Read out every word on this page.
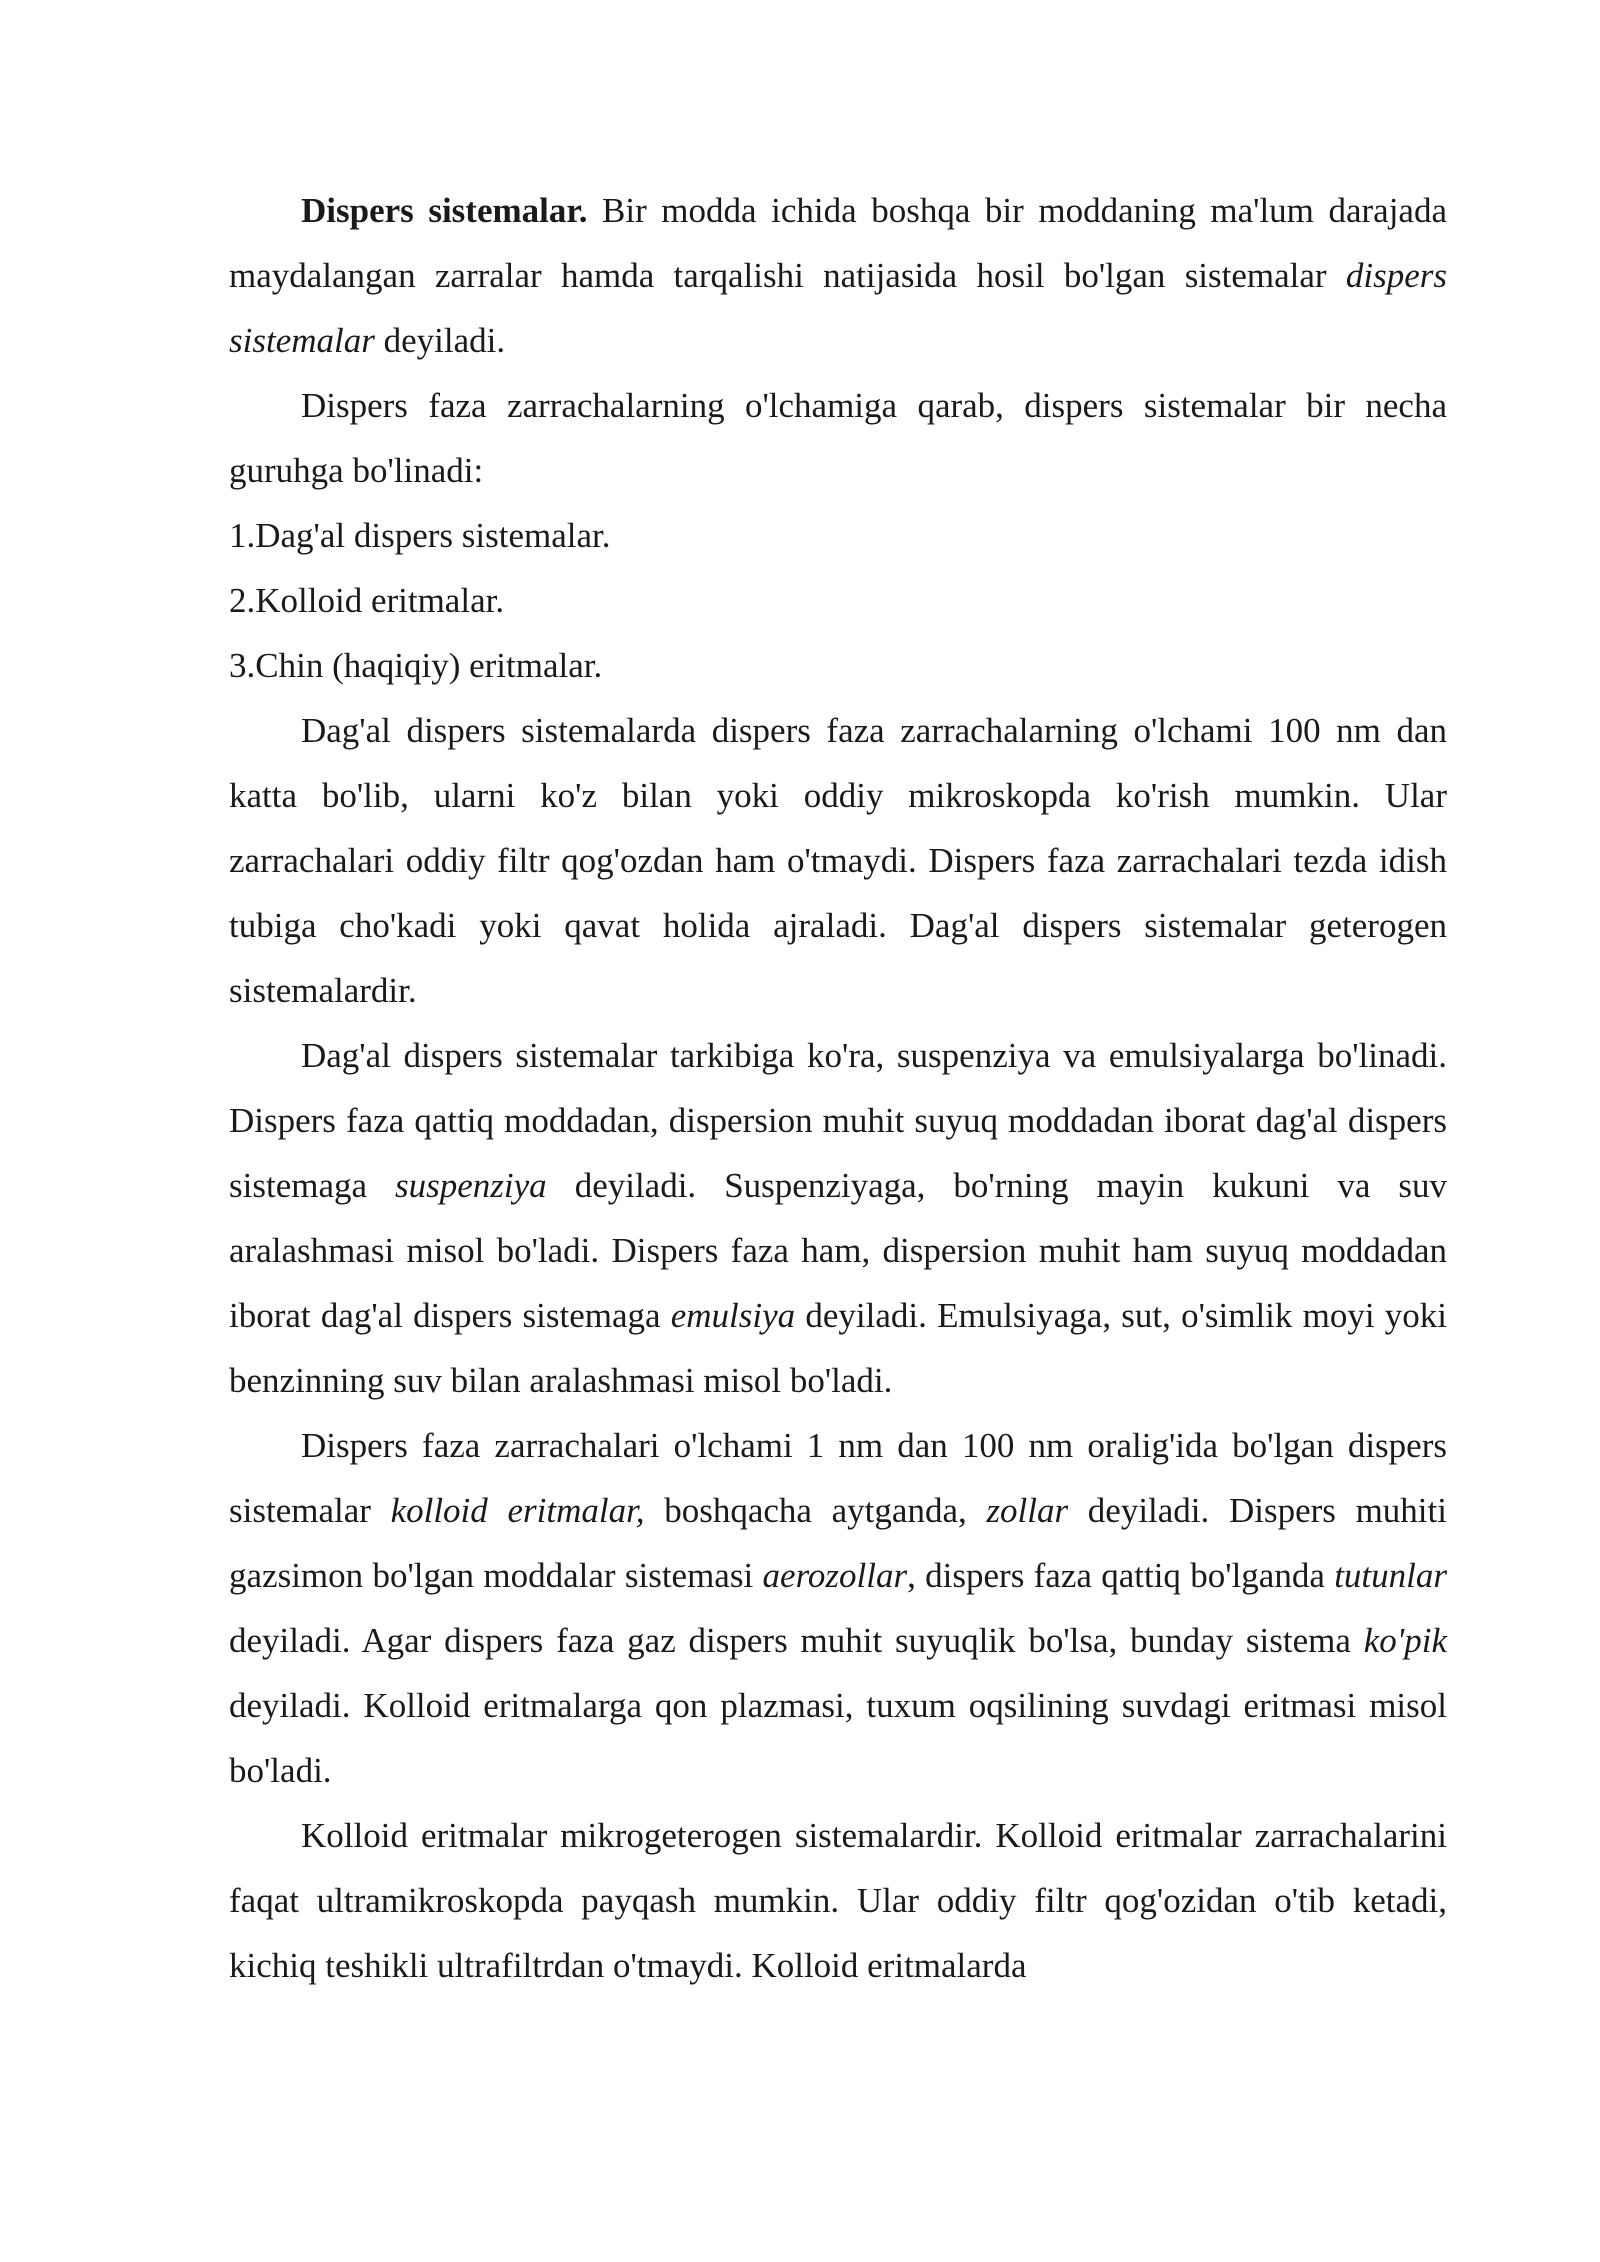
Dispers sistemalar. Bir modda ichida boshqa bir moddaning ma'lum darajada maydalangan zarralar hamda tarqalishi natijasida hosil bo'lgan sistemalar dispers sistemalar deyiladi.

Dispers faza zarrachalarning o'lchamiga qarab, dispers sistemalar bir necha guruhga bo'linadi:

1.Dag'al dispers sistemalar.

2.Kolloid eritmalar.

3.Chin (haqiqiy) eritmalar.

Dag'al dispers sistemalarda dispers faza zarrachalarning o'lchami 100 nm dan katta bo'lib, ularni ko'z bilan yoki oddiy mikroskopda ko'rish mumkin. Ular zarrachalari oddiy filtr qog'ozdan ham o'tmaydi. Dispers faza zarrachalari tezda idish tubiga cho'kadi yoki qavat holida ajraladi. Dag'al dispers sistemalar geterogen sistemalardir.

Dag'al dispers sistemalar tarkibiga ko'ra, suspenziya va emulsiyalarga bo'linadi. Dispers faza qattiq moddadan, dispersion muhit suyuq moddadan iborat dag'al dispers sistemaga suspenziya deyiladi. Suspenziyaga, bo'rning mayin kukuni va suv aralashmasi misol bo'ladi. Dispers faza ham, dispersion muhit ham suyuq moddadan iborat dag'al dispers sistemaga emulsiya deyiladi. Emulsiyaga, sut, o'simlik moyi yoki benzinning suv bilan aralashmasi misol bo'ladi.

Dispers faza zarrachalari o'lchami 1 nm dan 100 nm oralig'ida bo'lgan dispers sistemalar kolloid eritmalar, boshqacha aytganda, zollar deyiladi. Dispers muhiti gazsimon bo'lgan moddalar sistemasi aerozollar, dispers faza qattiq bo'lganda tutunlar deyiladi. Agar dispers faza gaz dispers muhit suyuqlik bo'lsa, bunday sistema ko'pik deyiladi. Kolloid eritmalarga qon plazmasi, tuxum oqsilining suvdagi eritmasi misol bo'ladi.

Kolloid eritmalar mikrogeterogen sistemalardir. Kolloid eritmalar zarrachalarini faqat ultramikroskopda payqash mumkin. Ular oddiy filtr qog'ozidan o'tib ketadi, kichiq teshikli ultrafiltrdan o'tmaydi. Kolloid eritmalarda
